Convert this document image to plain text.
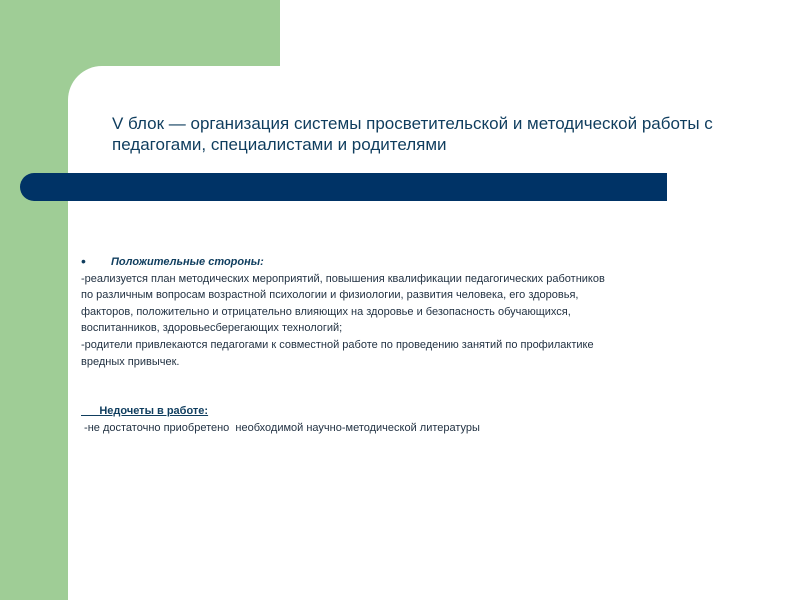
V блок — организация системы просветительской и методической работы с педагогами, специалистами и родителями
• Положительные стороны:
-реализуется план методических мероприятий, повышения квалификации педагогических работников
по различным вопросам возрастной психологии и физиологии, развития человека, его здоровья,
факторов, положительно и отрицательно влияющих на здоровье и безопасность обучающихся,
воспитанников, здоровьесберегающих технологий;
-родители привлекаются педагогами к совместной работе по проведению занятий по профилактике
вредных привычек.
Недочеты в работе:
-не достаточно приобретено  необходимой научно-методической литературы
